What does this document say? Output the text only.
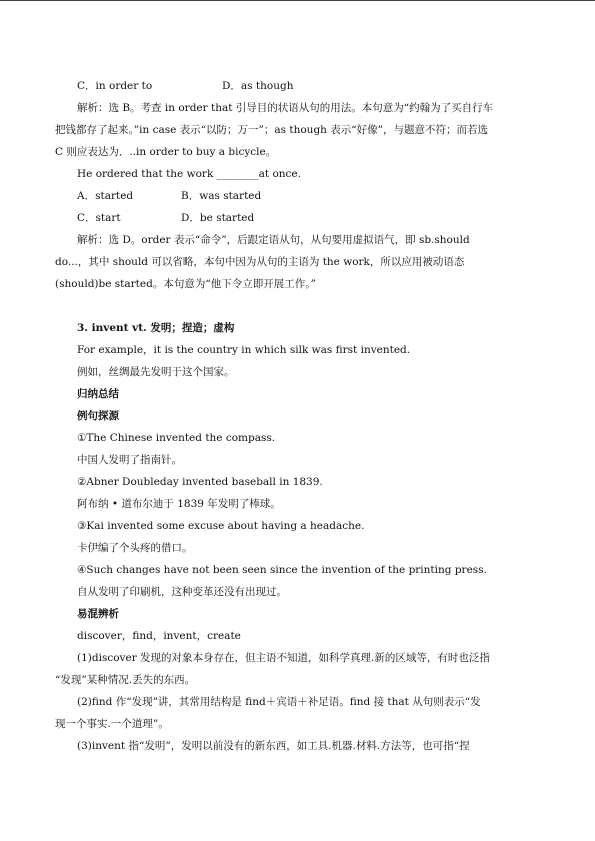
C．in order to	D．as though
解析：选 B。考查 in order that 引导目的状语从句的用法。本句意为“约翰为了买自行车
把钱都存了起来。”in case 表示“以防；万一”；as though 表示“好像”，与题意不符；而若选
C 则应表达为．..in order to buy a bicycle。
He ordered that the work ________at once.
A．started	B．was started
C．start	D．be started
解析：选 D。order 表示“命令”，后跟定语从句，从句要用虚拟语气，即 sb.should
do...，其中 should 可以省略，本句中因为从句的主语为 the work，所以应用被动语态
(should)be started。本句意为“他下令立即开展工作。”
3. invent vt. 发明；捏造；虚构
For example，it is the country in which silk was first invented.
例如，丝绸最先发明于这个国家。
归纳总结
例句探源
①The Chinese invented the compass.
中国人发明了指南针。
②Abner Doubleday invented baseball in 1839.
阿布纳 • 道布尔迪于 1839 年发明了棒球。
③Kai invented some excuse about having a headache.
卡伊编了个头疼的借口。
④Such changes have not been seen since the invention of the printing press.
自从发明了印刷机，这种变革还没有出现过。
易混辨析
discover，find，invent，create
(1)discover 发现的对象本身存在，但主语不知道，如科学真理.新的区域等，有时也泛指
“发现”某种情况.丢失的东西。
(2)find 作“发现”讲，其常用结构是 find＋宾语＋补足语。find 接 that 从句则表示“发
现一个事实.一个道理”。
(3)invent 指“发明”，发明以前没有的新东西，如工具.机器.材料.方法等，也可指“捏
